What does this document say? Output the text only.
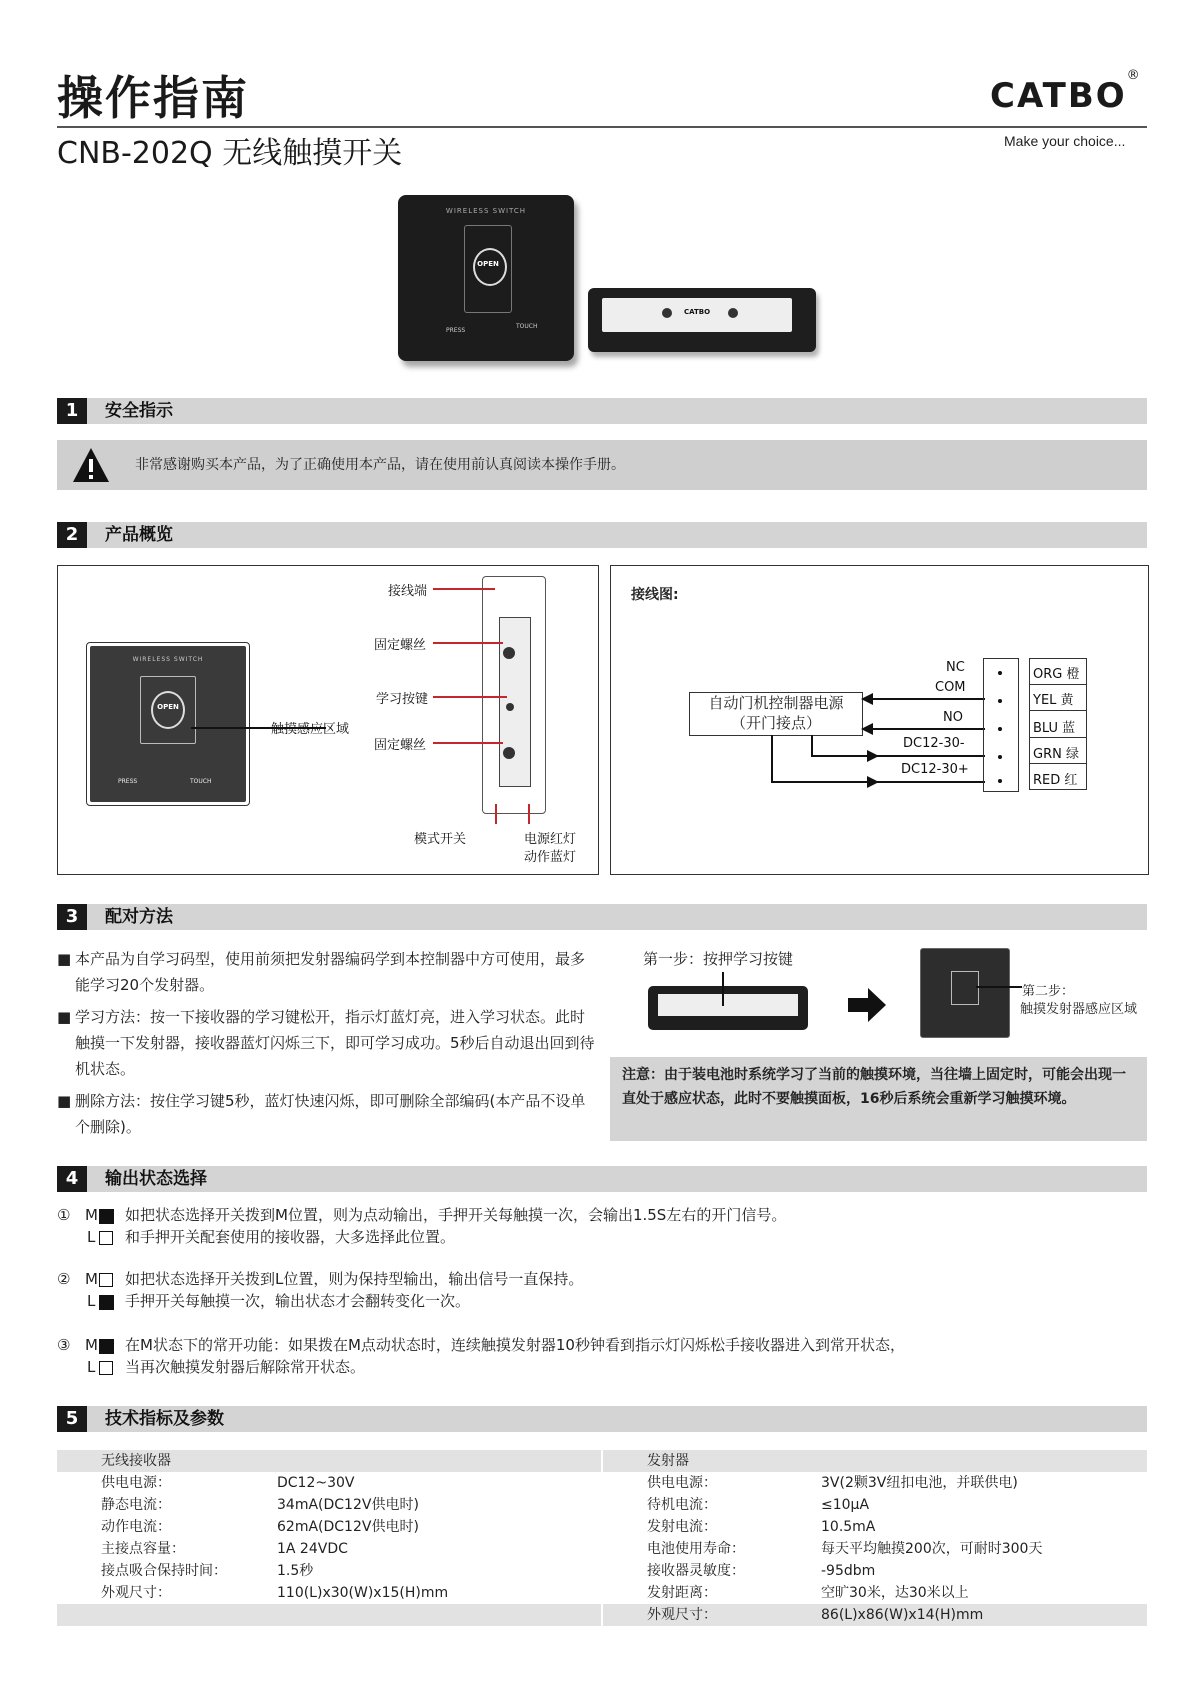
操作指南
CNB-202Q 无线触摸开关
CATBO®
Make your choice...
WIRELESS SWITCH
OPEN
PRESS
TOUCH
CATBO
1	安全指示
非常感谢购买本产品，为了正确使用本产品，请在使用前认真阅读本操作手册。
2	产品概览
WIRELESS SWITCH
OPEN
PRESS	TOUCH
触摸感应区域
接线端
固定螺丝
学习按键
固定螺丝
模式开关	电源红灯
动作蓝灯
接线图:
自动门机控制器电源
（开门接点）
NC
COM
NO
DC12-30-
DC12-30+
ORG 橙
YEL 黄
BLU 蓝
GRN 绿
RED 红
3	配对方法
■ 本产品为自学习码型，使用前须把发射器编码学到本控制器中方可使用，最多能学习20个发射器。
■ 学习方法：按一下接收器的学习键松开，指示灯蓝灯亮，进入学习状态。此时触摸一下发射器，接收器蓝灯闪烁三下，即可学习成功。5秒后自动退出回到待机状态。
■ 删除方法：按住学习键5秒，蓝灯快速闪烁，即可删除全部编码(本产品不设单个删除)。
第一步：按押学习按键
第二步：
触摸发射器感应区域
注意：由于装电池时系统学习了当前的触摸环境，当往墙上固定时，可能会出现一直处于感应状态，此时不要触摸面板，16秒后系统会重新学习触摸环境。
4	输出状态选择
① M
L
如把状态选择开关拨到M位置，则为点动输出，手押开关每触摸一次，会输出1.5S左右的开门信号。
和手押开关配套使用的接收器，大多选择此位置。
② M
L
如把状态选择开关拨到L位置，则为保持型输出，输出信号一直保持。
手押开关每触摸一次，输出状态才会翻转变化一次。
③ M
L
在M状态下的常开功能：如果拨在M点动状态时，连续触摸发射器10秒钟看到指示灯闪烁松手接收器进入到常开状态，
当再次触摸发射器后解除常开状态。
5	技术指标及参数
无线接收器
供电电源：	DC12~30V
静态电流：	34mA(DC12V供电时)
动作电流：	62mA(DC12V供电时)
主接点容量：	1A 24VDC
接点吸合保持时间：	1.5秒
外观尺寸：	110(L)x30(W)x15(H)mm
发射器
供电电源：	3V(2颗3V纽扣电池，并联供电)
待机电流：	≤10μA
发射电流：	10.5mA
电池使用寿命：	每天平均触摸200次，可耐时300天
接收器灵敏度：	-95dbm
发射距离：	空旷30米，达30米以上
外观尺寸：	86(L)x86(W)x14(H)mm
